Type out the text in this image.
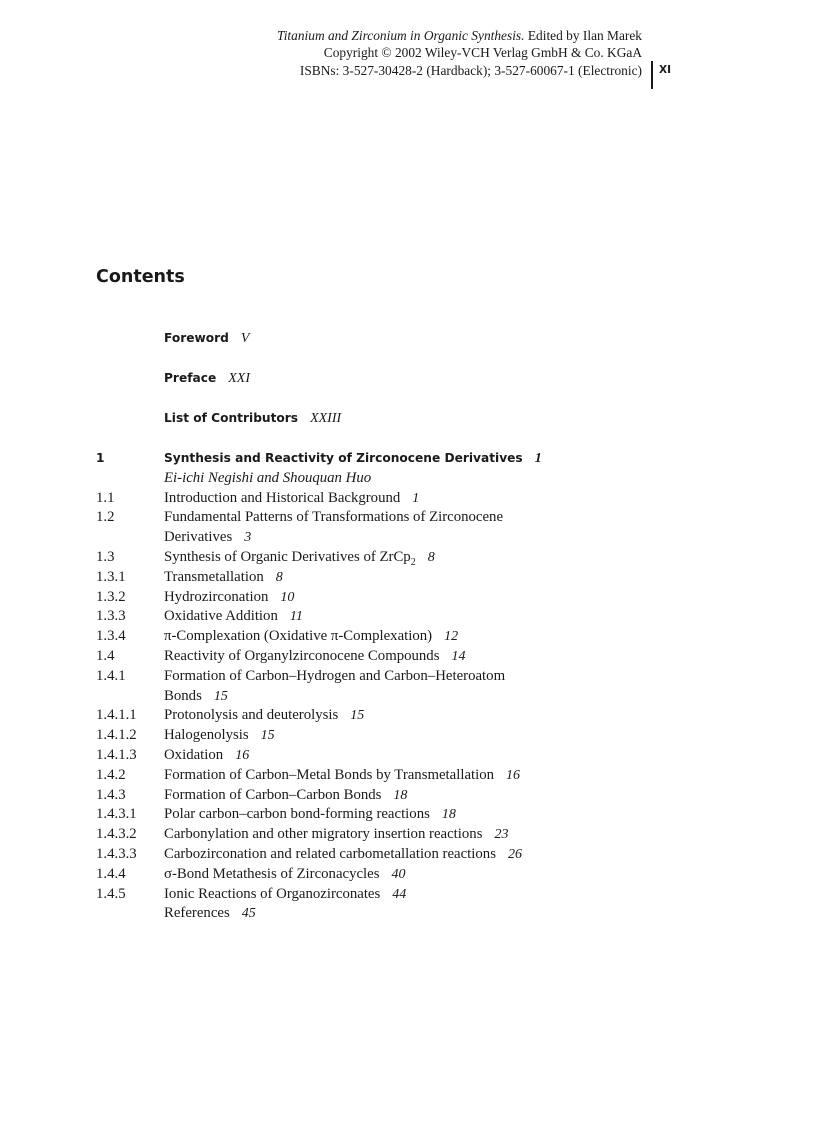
Titanium and Zirconium in Organic Synthesis. Edited by Ilan Marek
Copyright © 2002 Wiley-VCH Verlag GmbH & Co. KGaA
ISBNs: 3-527-30428-2 (Hardback); 3-527-60067-1 (Electronic)	XI
Contents
Foreword V
Preface XXI
List of Contributors XXIII
1	Synthesis and Reactivity of Zirconocene Derivatives 1
Ei-ichi Negishi and Shouquan Huo
1.1	Introduction and Historical Background 1
1.2	Fundamental Patterns of Transformations of Zirconocene
Derivatives 3
1.3	Synthesis of Organic Derivatives of ZrCp$_2$ 8
1.3.1	Transmetallation 8
1.3.2	Hydrozirconation 10
1.3.3	Oxidative Addition 11
1.3.4	π-Complexation (Oxidative π-Complexation) 12
1.4	Reactivity of Organylzirconocene Compounds 14
1.4.1	Formation of Carbon–Hydrogen and Carbon–Heteroatom
Bonds 15
1.4.1.1 Protonolysis and deuterolysis 15
1.4.1.2 Halogenolysis 15
1.4.1.3 Oxidation 16
1.4.2	Formation of Carbon–Metal Bonds by Transmetallation 16
1.4.3	Formation of Carbon–Carbon Bonds 18
1.4.3.1 Polar carbon–carbon bond-forming reactions 18
1.4.3.2 Carbonylation and other migratory insertion reactions 23
1.4.3.3 Carbozirconation and related carbometallation reactions 26
1.4.4	σ-Bond Metathesis of Zirconacycles 40
1.4.5	Ionic Reactions of Organozirconates 44
References 45
